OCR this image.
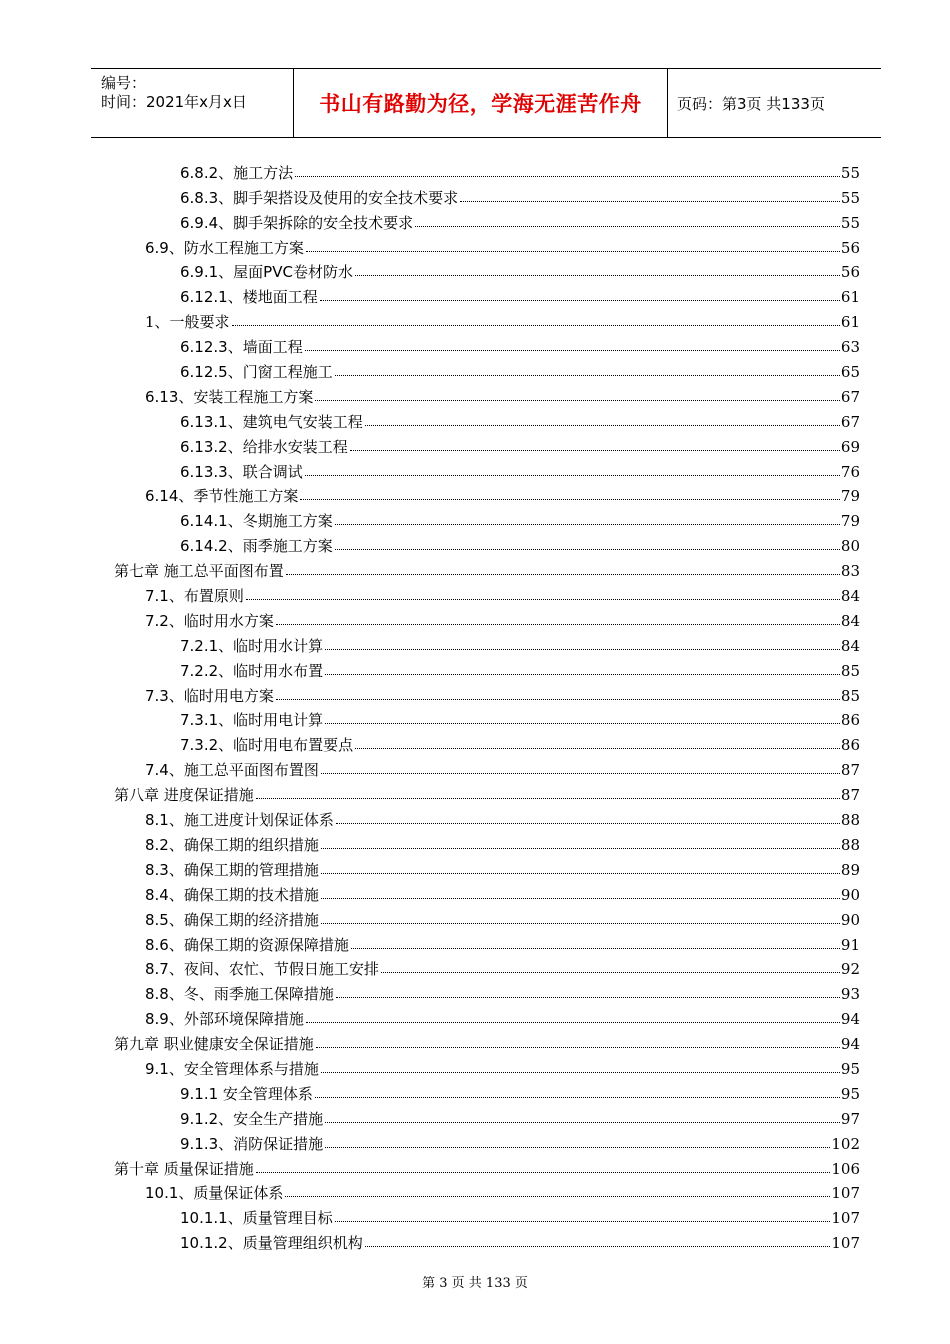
编号：
时间：2021年x月x日	书山有路勤为径，学海无涯苦作舟	页码：第3页 共133页
6.8.2、施工方法	55
6.8.3、脚手架搭设及使用的安全技术要求	55
6.9.4、脚手架拆除的安全技术要求	55
6.9、防水工程施工方案	56
6.9.1、屋面PVC卷材防水	56
6.12.1、楼地面工程	61
1、一般要求	61
6.12.3、墙面工程	63
6.12.5、门窗工程施工	65
6.13、安装工程施工方案	67
6.13.1、建筑电气安装工程	67
6.13.2、给排水安装工程	69
6.13.3、联合调试	76
6.14、季节性施工方案	79
6.14.1、冬期施工方案	79
6.14.2、雨季施工方案	80
第七章 施工总平面图布置	83
7.1、布置原则	84
7.2、临时用水方案	84
7.2.1、临时用水计算	84
7.2.2、临时用水布置	85
7.3、临时用电方案	85
7.3.1、临时用电计算	86
7.3.2、临时用电布置要点	86
7.4、施工总平面图布置图	87
第八章 进度保证措施	87
8.1、施工进度计划保证体系	88
8.2、确保工期的组织措施	88
8.3、确保工期的管理措施	89
8.4、确保工期的技术措施	90
8.5、确保工期的经济措施	90
8.6、确保工期的资源保障措施	91
8.7、夜间、农忙、节假日施工安排	92
8.8、冬、雨季施工保障措施	93
8.9、外部环境保障措施	94
第九章 职业健康安全保证措施	94
9.1、安全管理体系与措施	95
9.1.1 安全管理体系	95
9.1.2、安全生产措施	97
9.1.3、消防保证措施	102
第十章 质量保证措施	106
10.1、质量保证体系	107
10.1.1、质量管理目标	107
10.1.2、质量管理组织机构	107
第 3 页 共 133 页
